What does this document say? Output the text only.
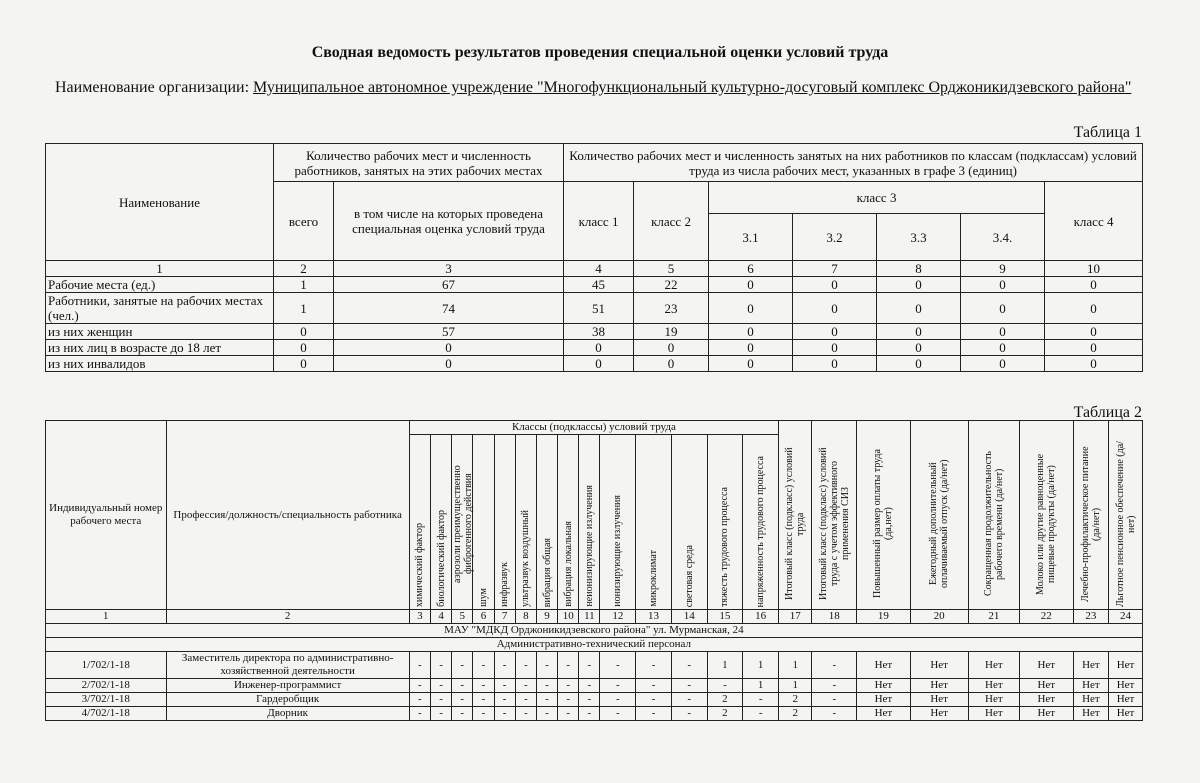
Сводная ведомость результатов проведения специальной оценки условий труда
Наименование организации: Муниципальное автономное учреждение "Многофункциональный культурно-досуговый комплекс Орджоникидзевского района"
Таблица 1
Наименование	Количество рабочих мест и численность работников, занятых на этих рабочих местах		Количество рабочих мест и численность занятых на них работников по классам (подклассам) условий труда из числа рабочих мест, указанных в графе 3 (единиц)						
	всего	в том числе на которых проведена специальная оценка условий труда	класс 1	класс 2	класс 3				класс 4
					3.1	3.2	3.3	3.4.	
1	2	3	4	5	6	7	8	9	10
Рабочие места (ед.)	1	67	45	22	0	0	0	0	0
Работники, занятые на рабочих местах (чел.)	1	74	51	23	0	0	0	0	0
из них женщин	0	57	38	19	0	0	0	0	0
из них лиц в возрасте до 18 лет	0	0	0	0	0	0	0	0	0
из них инвалидов	0	0	0	0	0	0	0	0	0
Таблица 2
Индивидуальный номер рабочего места	Профессия/должность/специальность работника	Классы (подклассы) условий труда														Итоговый класс (подкласс) условий труда	Итоговый класс (подкласс) условий труда с учетом эффективного применения СИЗ	Повышенный размер оплаты труда (да,нет)	Ежегодный дополнительный оплачиваемый отпуск (да/нет)	Сокращенная продолжительность рабочего времени (да/нет)	Молоко или другие равноценные пищевые продукты (да/нет)	Лечебно-профилактическое питание (да/нет)	Льготное пенсионное обеспечение (да/нет)

		химический фактор	биологический фактор	аэрозоли преимущественно фиброгенного действия	шум	инфразвук	ультразвук воздушный	вибрация общая	вибрация локальная	неионизирующие излучения	ионизирующие излучения	микроклимат	световая среда	тяжесть трудового процесса	напряженность трудового процесса								

1	2	3	4	5	6	7	8	9	10	11	12	13	14	15	16	17	18	19	20	21	22	23	24
МАУ "МДКД Орджоникидзевского района" ул. Мурманская, 24																							
Административно-технический персонал																							
1/702/1-18	Заместитель директора по административно-хозяйственной деятельности	-	-	-	-	-	-	-	-	-	-	-	-	1	1	1	-	Нет	Нет	Нет	Нет	Нет	Нет
2/702/1-18	Инженер-программист	-	-	-	-	-	-	-	-	-	-	-	-	-	1	1	-	Нет	Нет	Нет	Нет	Нет	Нет
3/702/1-18	Гардеробщик	-	-	-	-	-	-	-	-	-	-	-	-	2	-	2	-	Нет	Нет	Нет	Нет	Нет	Нет
4/702/1-18	Дворник	-	-	-	-	-	-	-	-	-	-	-	-	2	-	2	-	Нет	Нет	Нет	Нет	Нет	Нет
